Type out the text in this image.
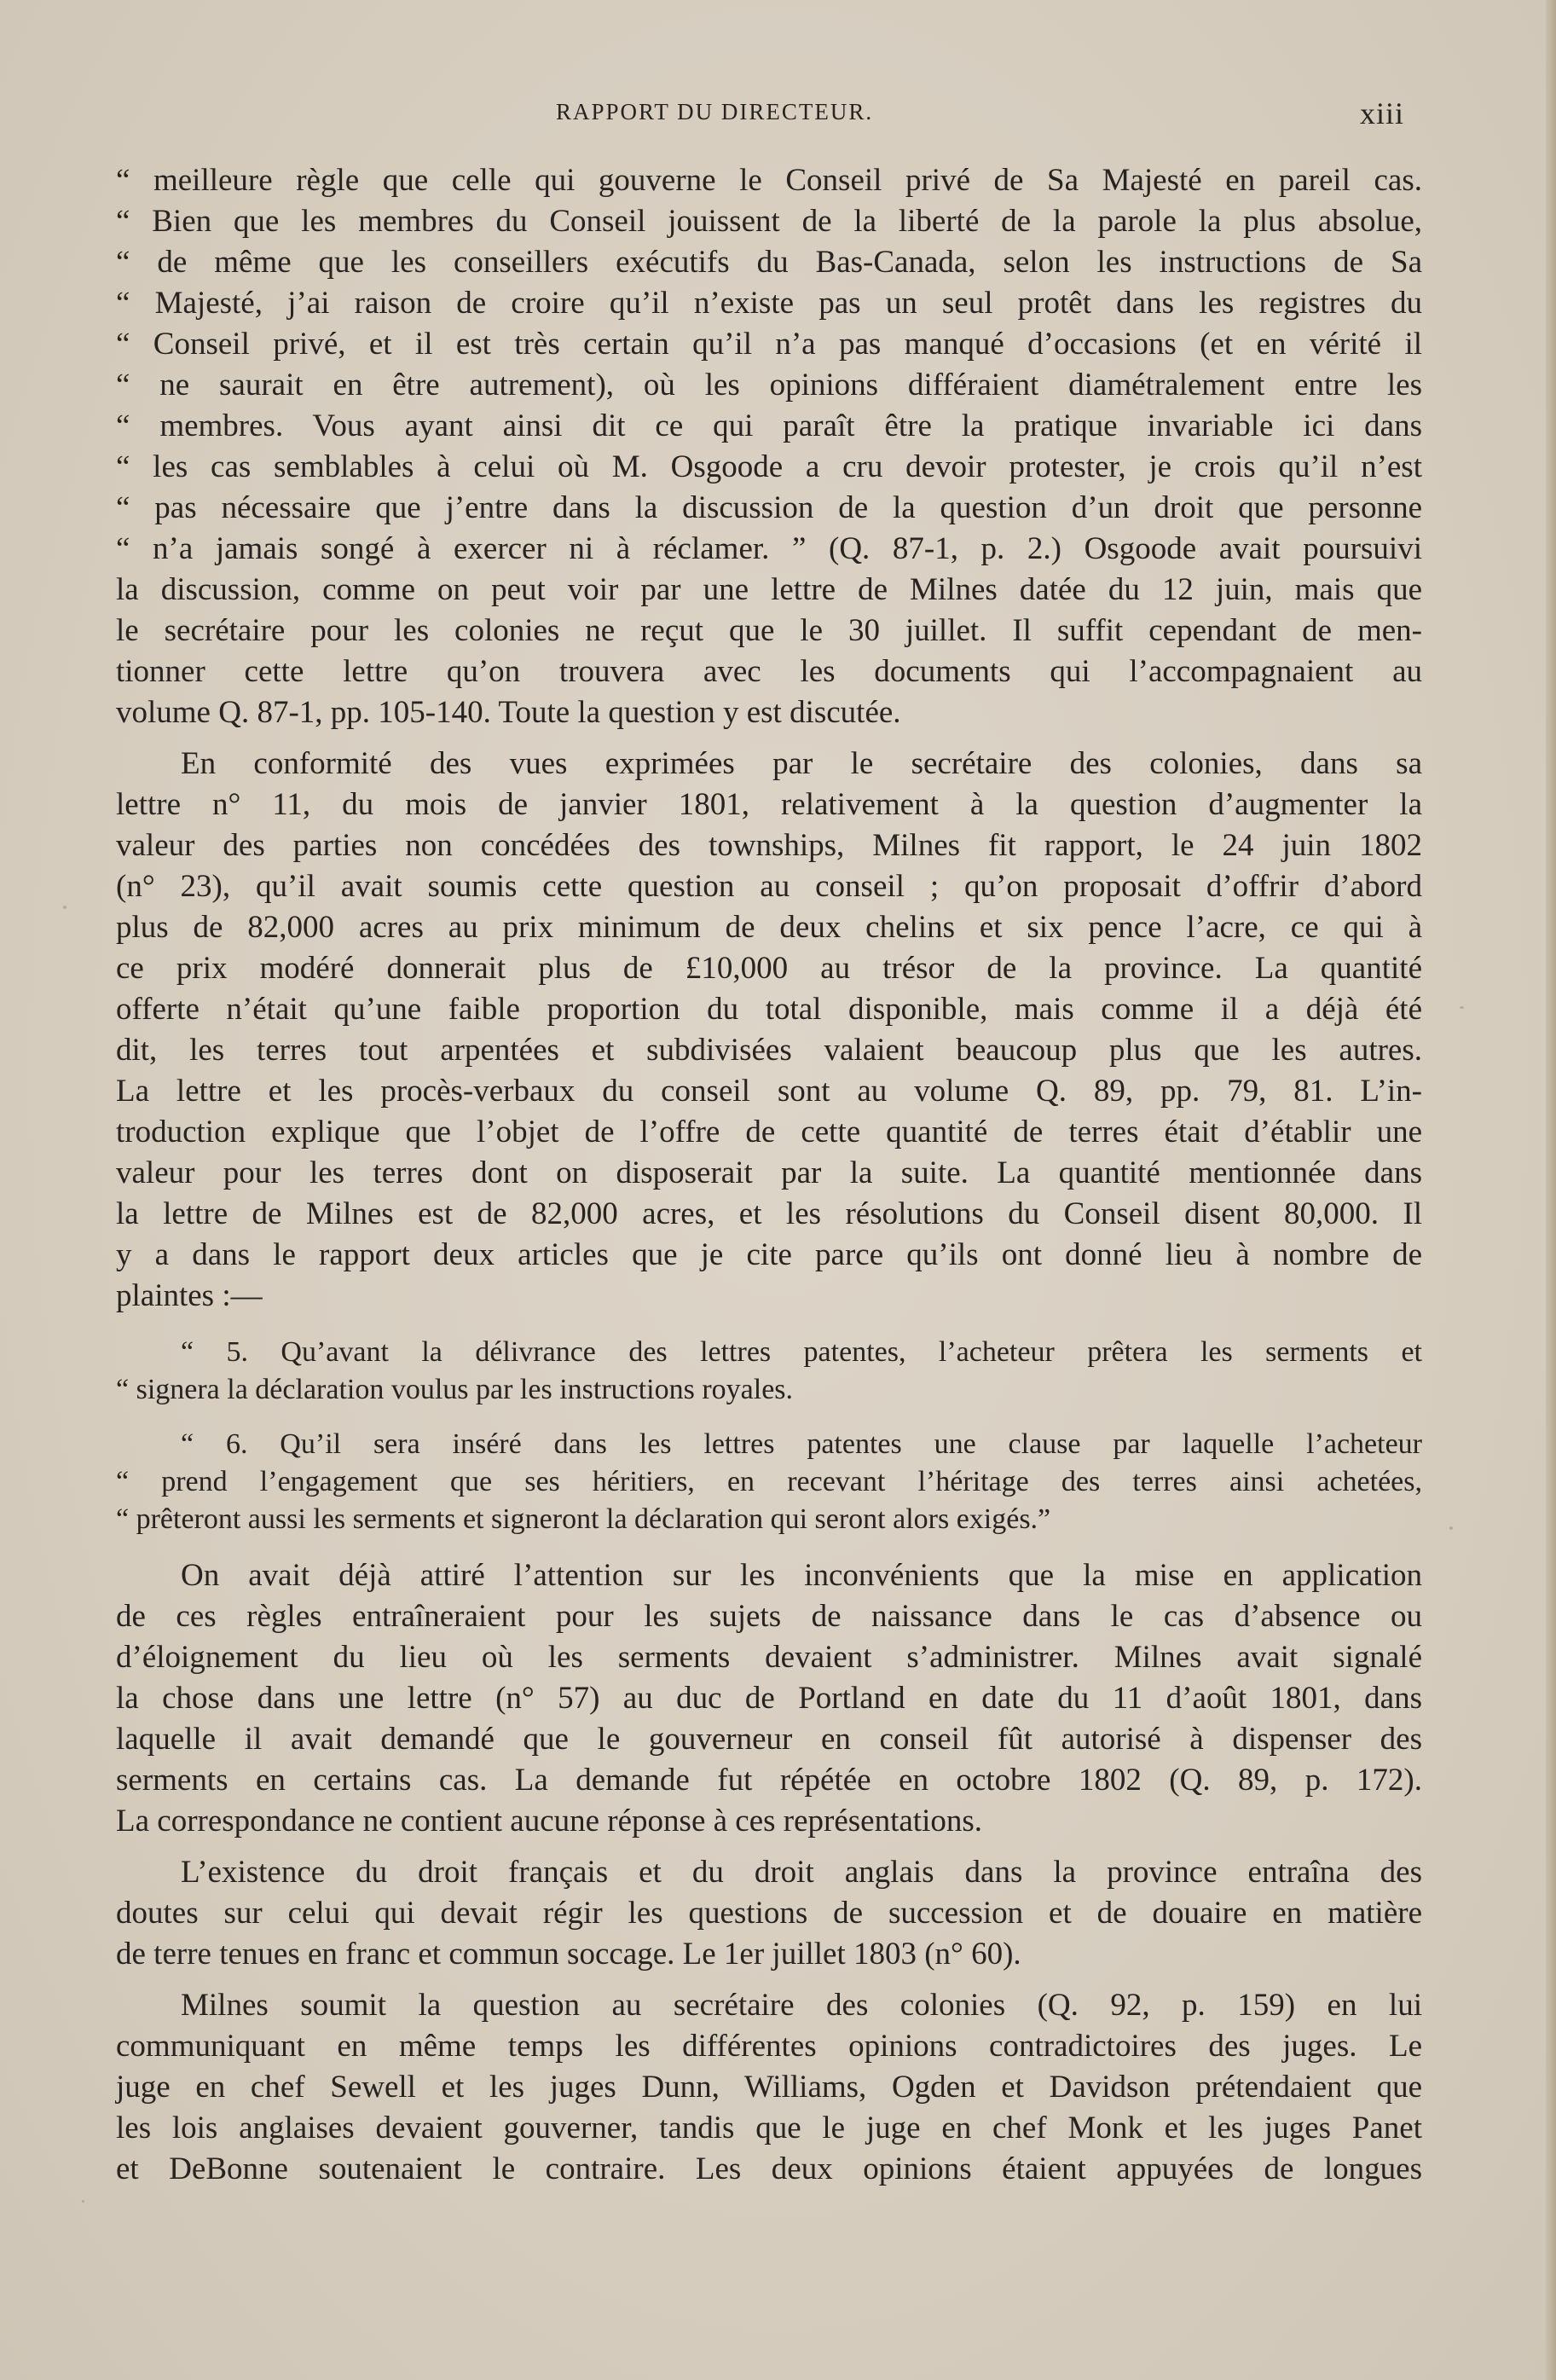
RAPPORT DU DIRECTEUR.	xiii
“ meilleure règle que celle qui gouverne le Conseil privé de Sa Majesté en pareil cas.
“ Bien que les membres du Conseil jouissent de la liberté de la parole la plus absolue,
“ de même que les conseillers exécutifs du Bas-Canada, selon les instructions de Sa
“ Majesté, j’ai raison de croire qu’il n’existe pas un seul protêt dans les registres du
“ Conseil privé, et il est très certain qu’il n’a pas manqué d’occasions (et en vérité il
“ ne saurait en être autrement), où les opinions différaient diamétralement entre les
“ membres. Vous ayant ainsi dit ce qui paraît être la pratique invariable ici dans
“ les cas semblables à celui où M. Osgoode a cru devoir protester, je crois qu’il n’est
“ pas nécessaire que j’entre dans la discussion de la question d’un droit que personne
“ n’a jamais songé à exercer ni à réclamer. ” (Q. 87-1, p. 2.) Osgoode avait poursuivi
la discussion, comme on peut voir par une lettre de Milnes datée du 12 juin, mais que
le secrétaire pour les colonies ne reçut que le 30 juillet. Il suffit cependant de men-
tionner cette lettre qu’on trouvera avec les documents qui l’accompagnaient au
volume Q. 87-1, pp. 105-140. Toute la question y est discutée.
En conformité des vues exprimées par le secrétaire des colonies, dans sa
lettre n° 11, du mois de janvier 1801, relativement à la question d’augmenter la
valeur des parties non concédées des townships, Milnes fit rapport, le 24 juin 1802
(n° 23), qu’il avait soumis cette question au conseil ; qu’on proposait d’offrir d’abord
plus de 82,000 acres au prix minimum de deux chelins et six pence l’acre, ce qui à
ce prix modéré donnerait plus de £10,000 au trésor de la province. La quantité
offerte n’était qu’une faible proportion du total disponible, mais comme il a déjà été
dit, les terres tout arpentées et subdivisées valaient beaucoup plus que les autres.
La lettre et les procès-verbaux du conseil sont au volume Q. 89, pp. 79, 81. L’in-
troduction explique que l’objet de l’offre de cette quantité de terres était d’établir une
valeur pour les terres dont on disposerait par la suite. La quantité mentionnée dans
la lettre de Milnes est de 82,000 acres, et les résolutions du Conseil disent 80,000. Il
y a dans le rapport deux articles que je cite parce qu’ils ont donné lieu à nombre de
plaintes :—
“ 5. Qu’avant la délivrance des lettres patentes, l’acheteur prêtera les serments et
“ signera la déclaration voulus par les instructions royales.
“ 6. Qu’il sera inséré dans les lettres patentes une clause par laquelle l’acheteur
“ prend l’engagement que ses héritiers, en recevant l’héritage des terres ainsi achetées,
“ prêteront aussi les serments et signeront la déclaration qui seront alors exigés.”
On avait déjà attiré l’attention sur les inconvénients que la mise en application
de ces règles entraîneraient pour les sujets de naissance dans le cas d’absence ou
d’éloignement du lieu où les serments devaient s’administrer. Milnes avait signalé
la chose dans une lettre (n° 57) au duc de Portland en date du 11 d’août 1801, dans
laquelle il avait demandé que le gouverneur en conseil fût autorisé à dispenser des
serments en certains cas. La demande fut répétée en octobre 1802 (Q. 89, p. 172).
La correspondance ne contient aucune réponse à ces représentations.
L’existence du droit français et du droit anglais dans la province entraîna des
doutes sur celui qui devait régir les questions de succession et de douaire en matière
de terre tenues en franc et commun soccage. Le 1er juillet 1803 (n° 60).
Milnes soumit la question au secrétaire des colonies (Q. 92, p. 159) en lui
communiquant en même temps les différentes opinions contradictoires des juges. Le
juge en chef Sewell et les juges Dunn, Williams, Ogden et Davidson prétendaient que
les lois anglaises devaient gouverner, tandis que le juge en chef Monk et les juges Panet
et DeBonne soutenaient le contraire. Les deux opinions étaient appuyées de longues
